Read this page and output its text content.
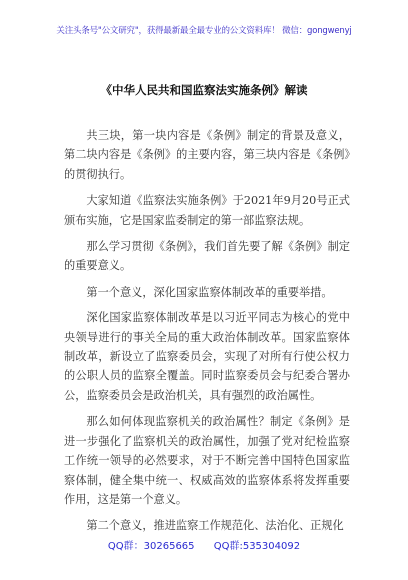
关注头条号"公文研究"，获得最新最全最专业的公文资料库！ 微信：gongwenyj
《中华人民共和国监察法实施条例》解读

共三块，第一块内容是《条例》制定的背景及意义，第二块内容是《条例》的主要内容，第三块内容是《条例》的贯彻执行。

大家知道《监察法实施条例》于2021年9月20号正式颁布实施，它是国家监委制定的第一部监察法规。

那么学习贯彻《条例》，我们首先要了解《条例》制定的重要意义。

第一个意义，深化国家监察体制改革的重要举措。

深化国家监察体制改革是以习近平同志为核心的党中央领导进行的事关全局的重大政治体制改革。国家监察体制改革，新设立了监察委员会，实现了对所有行使公权力的公职人员的监察全覆盖。同时监察委员会与纪委合署办公，监察委员会是政治机关，具有强烈的政治属性。

那么如何体现监察机关的政治属性？制定《条例》是进一步强化了监察机关的政治属性，加强了党对纪检监察工作统一领导的必然要求，对于不断完善中国特色国家监察体制，健全集中统一、权威高效的监察体系将发挥重要作用，这是第一个意义。

第二个意义，推进监察工作规范化、法治化、正规化

QQ群：30265665 QQ群:535304092
